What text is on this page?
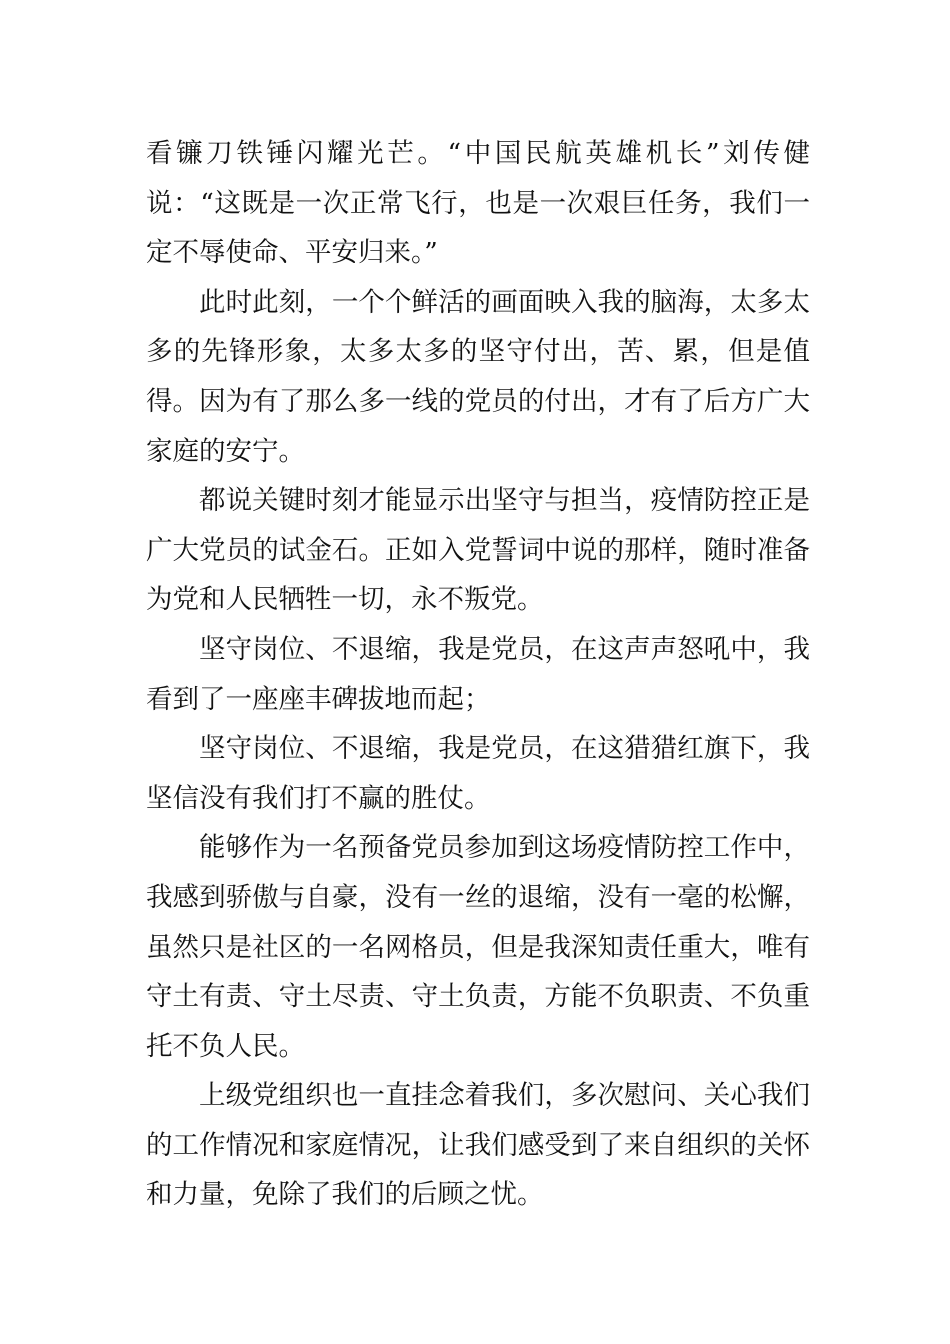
看镰刀铁锤闪耀光芒。“中国民航英雄机长”刘传健说：“这既是一次正常飞行，也是一次艰巨任务，我们一定不辱使命、平安归来。”

此时此刻，一个个鲜活的画面映入我的脑海，太多太多的先锋形象，太多太多的坚守付出，苦、累，但是值得。因为有了那么多一线的党员的付出，才有了后方广大家庭的安宁。

都说关键时刻才能显示出坚守与担当，疫情防控正是广大党员的试金石。正如入党誓词中说的那样，随时准备为党和人民牺牲一切，永不叛党。

坚守岗位、不退缩，我是党员，在这声声怒吼中，我看到了一座座丰碑拔地而起；

坚守岗位、不退缩，我是党员，在这猎猎红旗下，我坚信没有我们打不赢的胜仗。

能够作为一名预备党员参加到这场疫情防控工作中，我感到骄傲与自豪，没有一丝的退缩，没有一毫的松懈，虽然只是社区的一名网格员，但是我深知责任重大，唯有守土有责、守土尽责、守土负责，方能不负职责、不负重托不负人民。

上级党组织也一直挂念着我们，多次慰问、关心我们的工作情况和家庭情况，让我们感受到了来自组织的关怀和力量，免除了我们的后顾之忧。
